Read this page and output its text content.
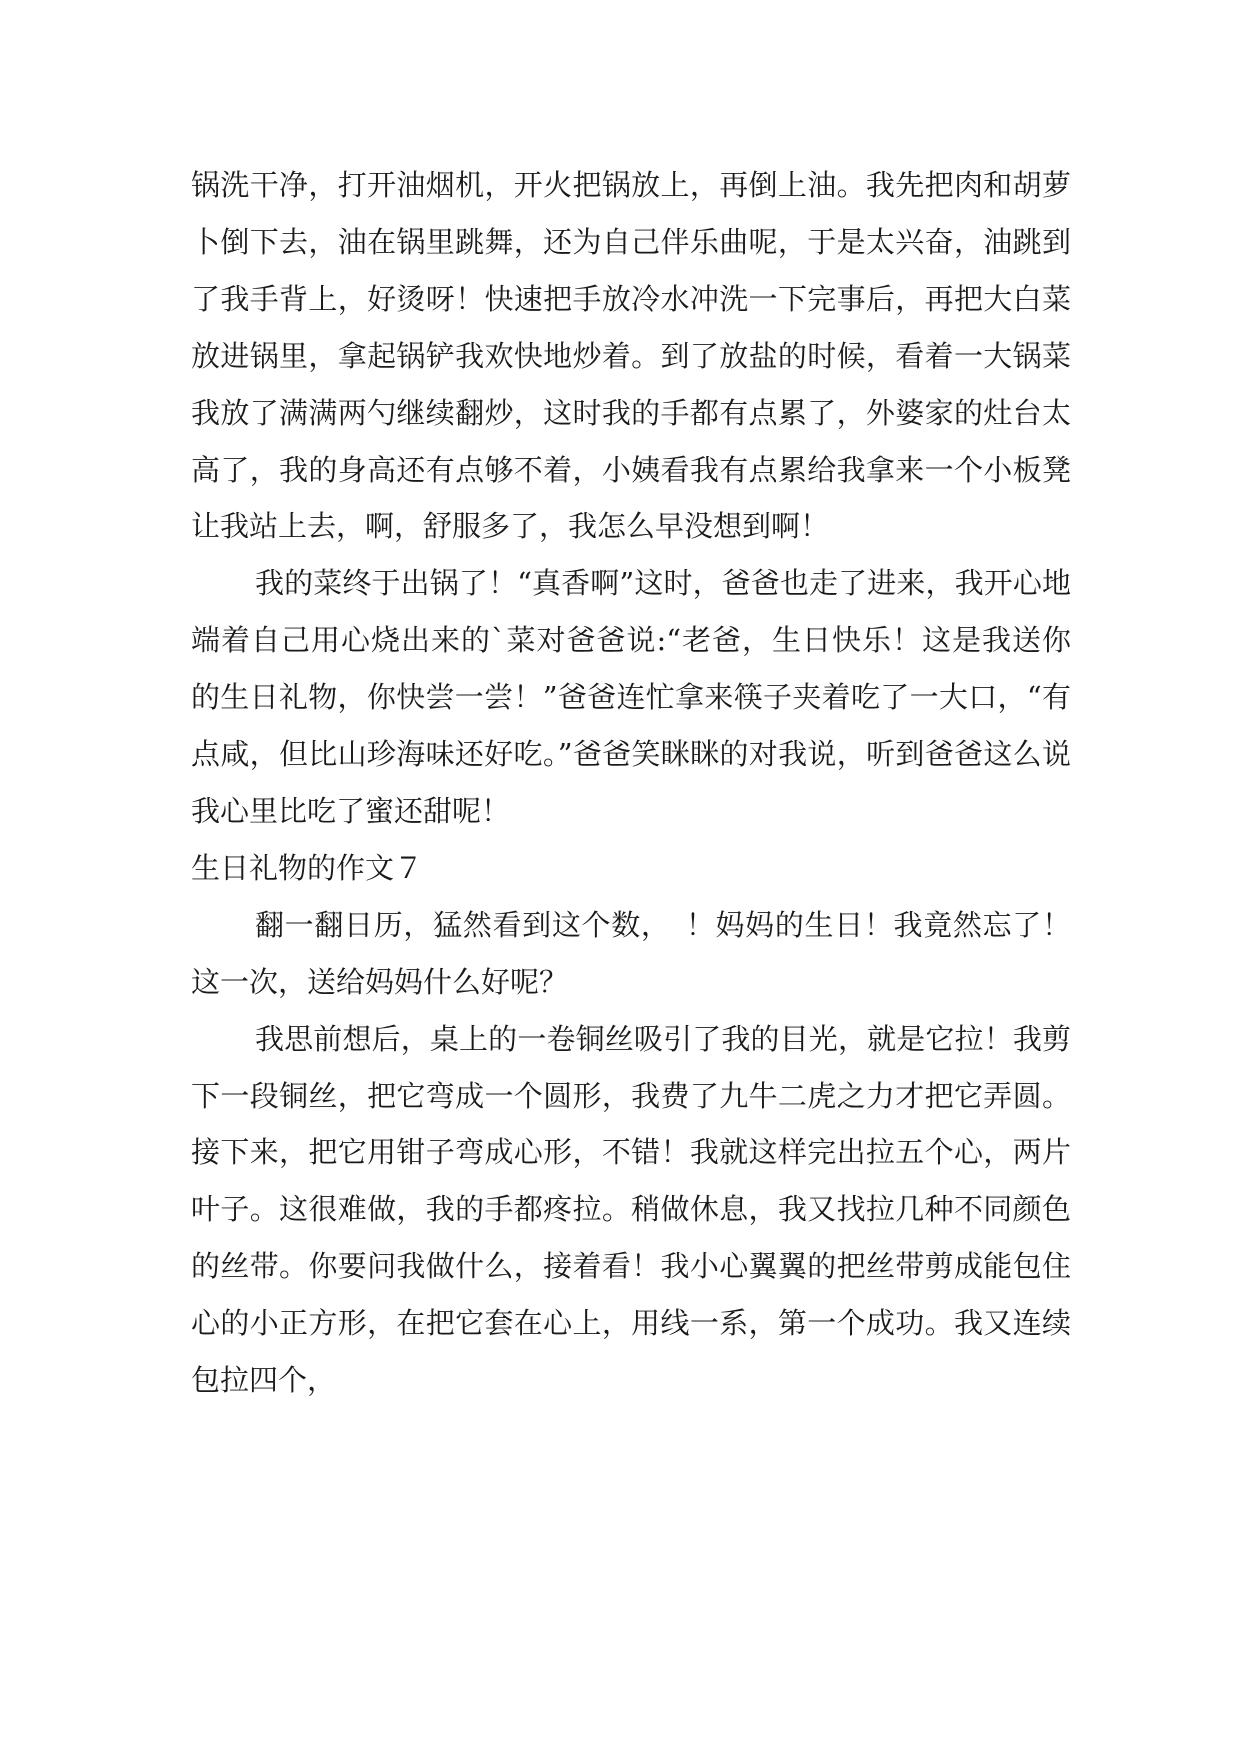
锅洗干净，打开油烟机，开火把锅放上，再倒上油。我先把肉和胡萝卜倒下去，油在锅里跳舞，还为自己伴乐曲呢，于是太兴奋，油跳到了我手背上，好烫呀！快速把手放冷水冲洗一下完事后，再把大白菜放进锅里，拿起锅铲我欢快地炒着。到了放盐的时候，看着一大锅菜我放了满满两勺继续翻炒，这时我的手都有点累了，外婆家的灶台太高了，我的身高还有点够不着，小姨看我有点累给我拿来一个小板凳让我站上去，啊，舒服多了，我怎么早没想到啊！

我的菜终于出锅了！“真香啊”这时，爸爸也走了进来，我开心地端着自己用心烧出来的`菜对爸爸说:“老爸，生日快乐！这是我送你的生日礼物，你快尝一尝！”爸爸连忙拿来筷子夹着吃了一大口，“有点咸，但比山珍海味还好吃。”爸爸笑眯眯的对我说，听到爸爸这么说我心里比吃了蜜还甜呢！

生日礼物的作文７

翻一翻日历，猛然看到这个数，　！妈妈的生日！我竟然忘了！这一次，送给妈妈什么好呢？

我思前想后，桌上的一卷铜丝吸引了我的目光，就是它拉！我剪下一段铜丝，把它弯成一个圆形，我费了九牛二虎之力才把它弄圆。接下来，把它用钳子弯成心形，不错！我就这样完出拉五个心，两片叶子。这很难做，我的手都疼拉。稍做休息，我又找拉几种不同颜色的丝带。你要问我做什么，接着看！我小心翼翼的把丝带剪成能包住心的小正方形，在把它套在心上，用线一系，第一个成功。我又连续包拉四个，
